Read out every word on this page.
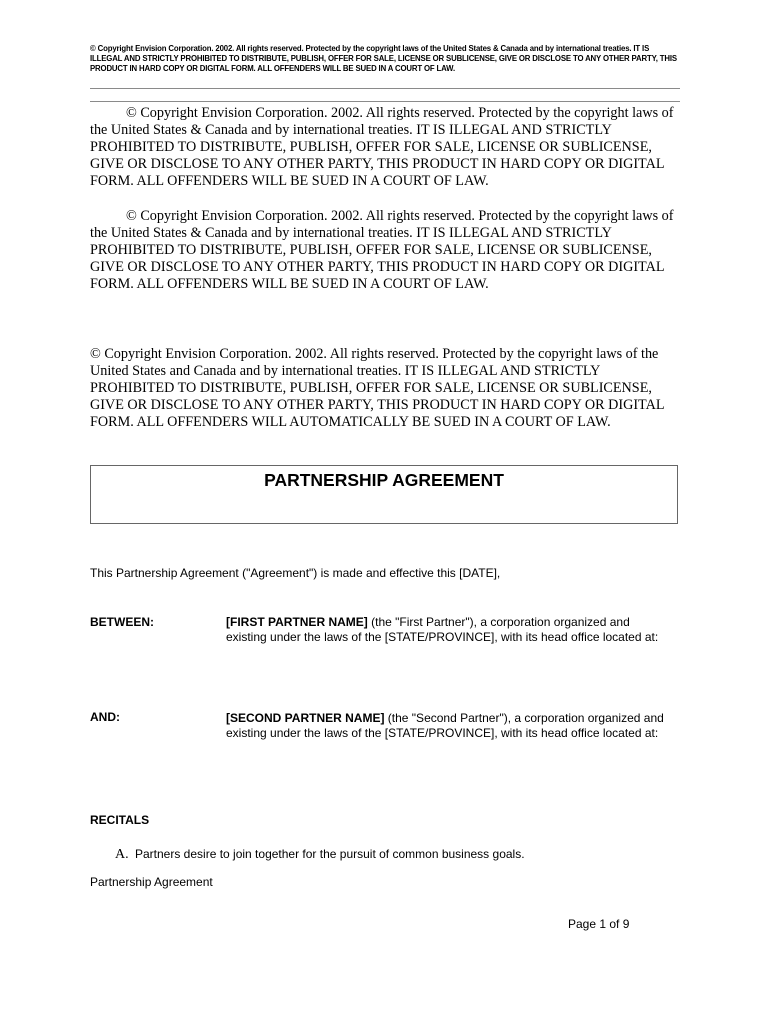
© Copyright Envision Corporation. 2002. All rights reserved. Protected by the copyright laws of the United States & Canada and by international treaties. IT IS ILLEGAL AND STRICTLY PROHIBITED TO DISTRIBUTE, PUBLISH, OFFER FOR SALE, LICENSE OR SUBLICENSE, GIVE OR DISCLOSE TO ANY OTHER PARTY, THIS PRODUCT IN HARD COPY OR DIGITAL FORM. ALL OFFENDERS WILL BE SUED IN A COURT OF LAW.
© Copyright Envision Corporation. 2002. All rights reserved. Protected by the copyright laws of the United States & Canada and by international treaties. IT IS ILLEGAL AND STRICTLY PROHIBITED TO DISTRIBUTE, PUBLISH, OFFER FOR SALE, LICENSE OR SUBLICENSE, GIVE OR DISCLOSE TO ANY OTHER PARTY, THIS PRODUCT IN HARD COPY OR DIGITAL FORM. ALL OFFENDERS WILL BE SUED IN A COURT OF LAW.
© Copyright Envision Corporation. 2002. All rights reserved. Protected by the copyright laws of the United States & Canada and by international treaties. IT IS ILLEGAL AND STRICTLY PROHIBITED TO DISTRIBUTE, PUBLISH, OFFER FOR SALE, LICENSE OR SUBLICENSE, GIVE OR DISCLOSE TO ANY OTHER PARTY, THIS PRODUCT IN HARD COPY OR DIGITAL FORM. ALL OFFENDERS WILL BE SUED IN A COURT OF LAW.
© Copyright Envision Corporation. 2002. All rights reserved. Protected by the copyright laws of the United States and Canada and by international treaties. IT IS ILLEGAL AND STRICTLY PROHIBITED TO DISTRIBUTE, PUBLISH, OFFER FOR SALE, LICENSE OR SUBLICENSE, GIVE OR DISCLOSE TO ANY OTHER PARTY, THIS PRODUCT IN HARD COPY OR DIGITAL FORM. ALL OFFENDERS WILL AUTOMATICALLY BE SUED IN A COURT OF LAW.
PARTNERSHIP AGREEMENT
This Partnership Agreement ("Agreement") is made and effective this [DATE],
BETWEEN:	[FIRST PARTNER NAME] (the "First Partner"), a corporation organized and existing under the laws of the [STATE/PROVINCE], with its head office located at:
AND:	[SECOND PARTNER NAME] (the "Second Partner"), a corporation organized and existing under the laws of the [STATE/PROVINCE], with its head office located at:
RECITALS
A. Partners desire to join together for the pursuit of common business goals.
Partnership Agreement
Page 1 of 9
